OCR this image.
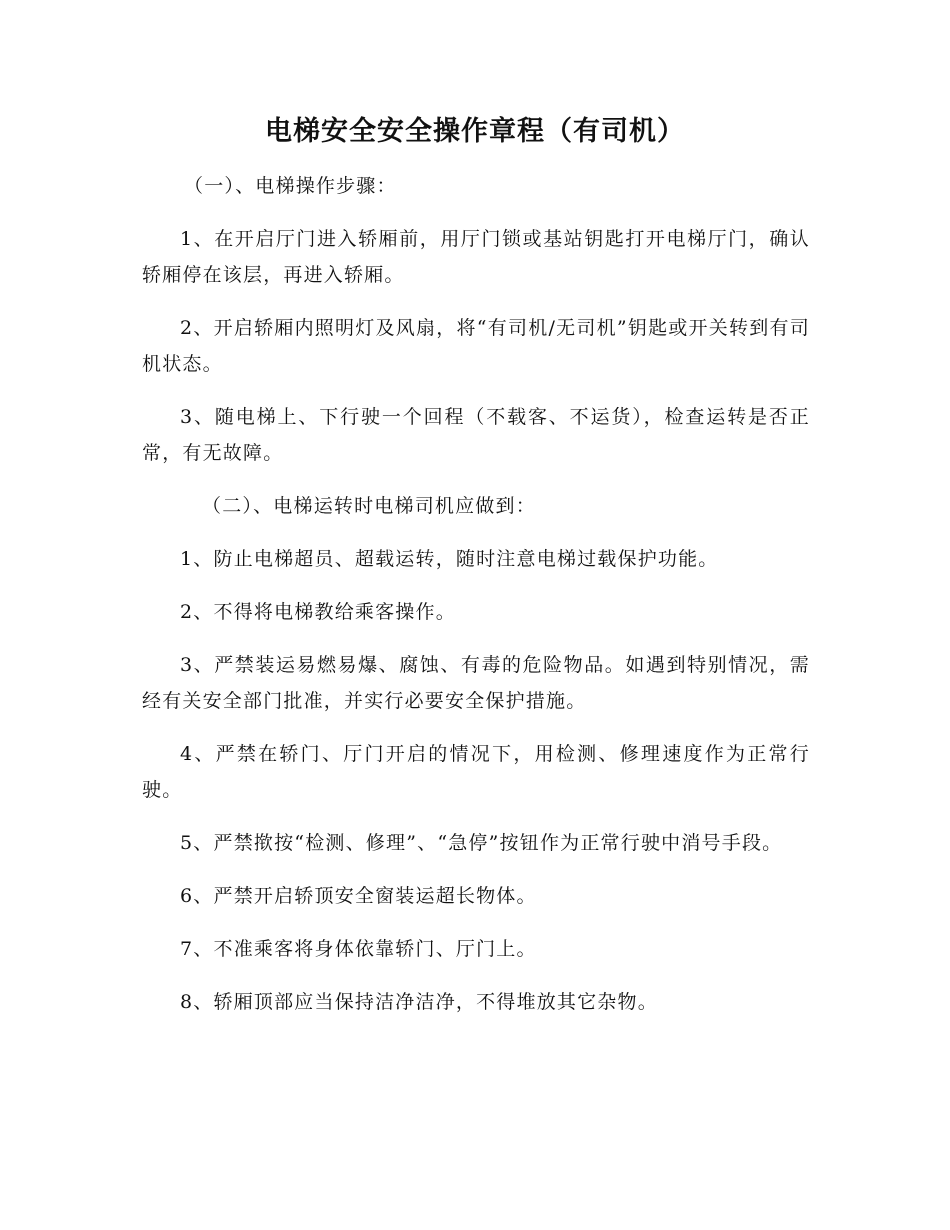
电梯安全安全操作章程（有司机）

（一）、电梯操作步骤：

1、在开启厅门进入轿厢前，用厅门锁或基站钥匙打开电梯厅门，确认轿厢停在该层，再进入轿厢。

2、开启轿厢内照明灯及风扇，将“有司机/无司机”钥匙或开关转到有司机状态。

3、随电梯上、下行驶一个回程（不载客、不运货），检查运转是否正常，有无故障。

（二）、电梯运转时电梯司机应做到：

1、防止电梯超员、超载运转，随时注意电梯过载保护功能。

2、不得将电梯教给乘客操作。

3、严禁装运易燃易爆、腐蚀、有毒的危险物品。如遇到特别情况，需经有关安全部门批准，并实行必要安全保护措施。

4、严禁在轿门、厅门开启的情况下，用检测、修理速度作为正常行驶。

5、严禁揿按“检测、修理”、“急停”按钮作为正常行驶中消号手段。

6、严禁开启轿顶安全窗装运超长物体。

7、不准乘客将身体依靠轿门、厅门上。

8、轿厢顶部应当保持洁净洁净，不得堆放其它杂物。
